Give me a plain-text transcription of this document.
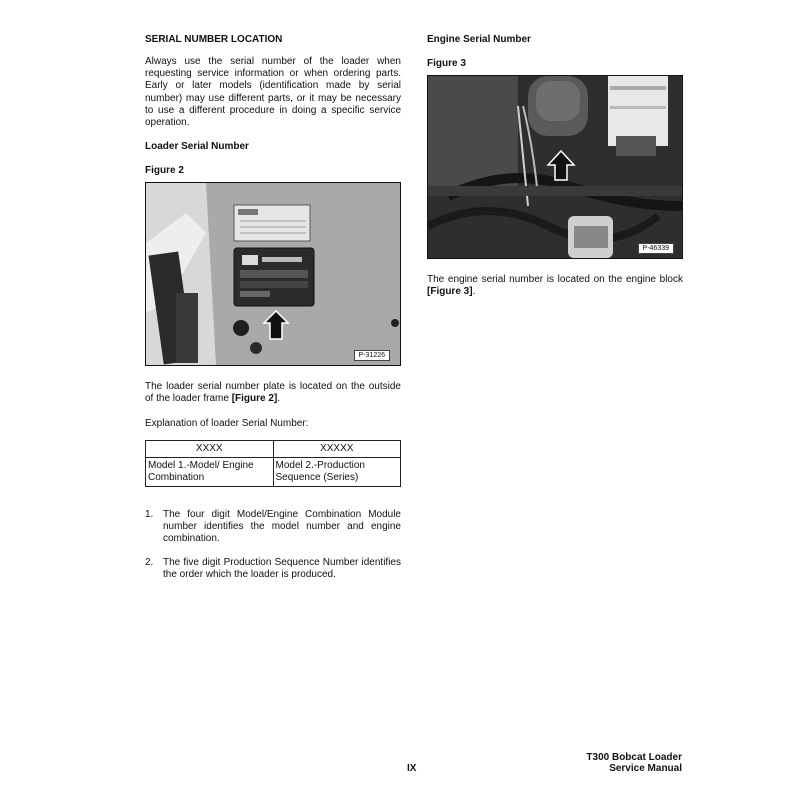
SERIAL NUMBER LOCATION
Always use the serial number of the loader when requesting service information or when ordering parts. Early or later models (identification made by serial number) may use different parts, or it may be necessary to use a different procedure in doing a specific service operation.
Loader Serial Number
Figure 2
P-31226
The loader serial number plate is located on the outside of the loader frame [Figure 2].
Explanation of loader Serial Number:
XXXX	XXXXX
Model 1.-Model/ Engine Combination	Model 2.-Production Sequence (Series)
1. The four digit Model/Engine Combination Module number identifies the model number and engine combination.
2. The five digit Production Sequence Number identifies the order which the loader is produced.
Engine Serial Number
Figure 3
P-46339
The engine serial number is located on the engine block [Figure 3].
IX
T300 Bobcat Loader
Service Manual
